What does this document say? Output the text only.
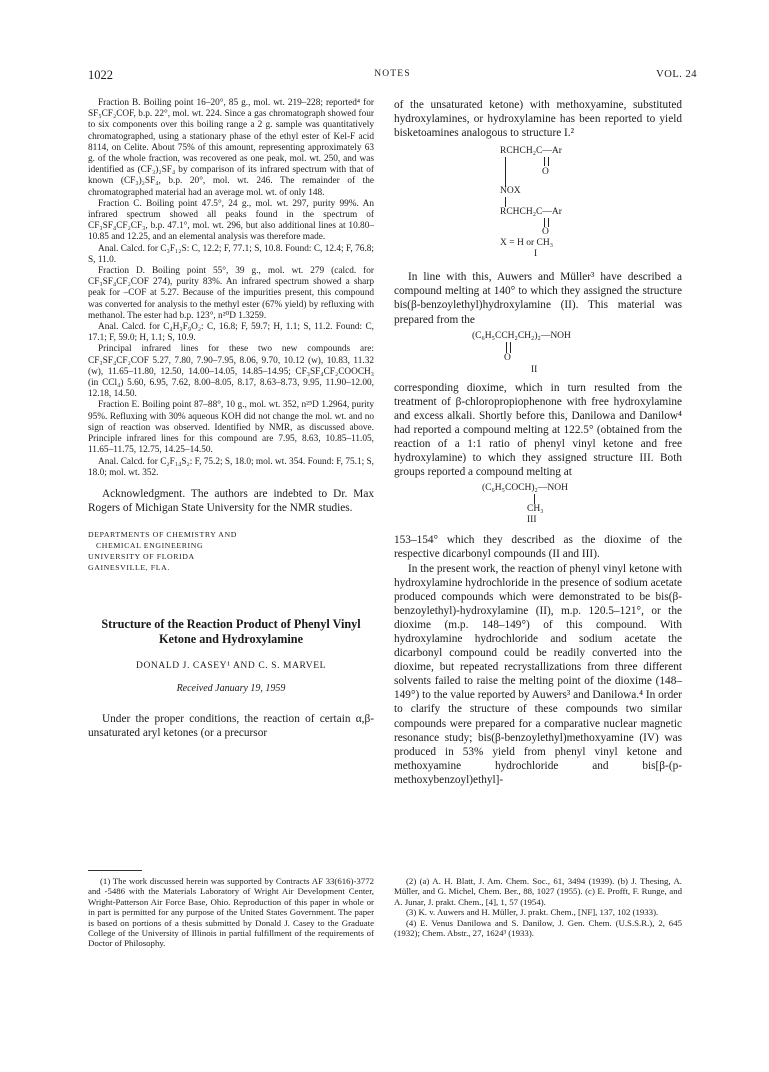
1022	NOTES	VOL. 24

Fraction B. Boiling point 16–20°, 85 g., mol. wt. 219–228; reported⁴ for SF₅CF₂COF, b.p. 22°, mol. wt. 224. Since a gas chromatograph showed four to six components over this boiling range a 2 g. sample was quantitatively chromatographed, using a stationary phase of the ethyl ester of Kel-F acid 8114, on Celite. About 75% of this amount, representing approximately 63 g. of the whole fraction, was recovered as one peak, mol. wt. 250, and was identified as (CF₃)₂SF₄ by comparison of its infrared spectrum with that of known (CF₃)₂SF₄, b.p. 20°, mol. wt. 246. The remainder of the chromatographed material had an average mol. wt. of only 148.

Fraction C. Boiling point 47.5°, 24 g., mol. wt. 297, purity 99%. An infrared spectrum showed all peaks found in the spectrum of CF₃SF₄CF₂CF₃, b.p. 47.1°, mol. wt. 296, but also additional lines at 10.80–10.85 and 12.25, and an elemental analysis was therefore made.

Anal. Calcd. for C₃F₁₂S: C, 12.2; F, 77.1; S, 10.8. Found: C, 12.4; F, 76.8; S, 11.0.

Fraction D. Boiling point 55°, 39 g., mol. wt. 279 (calcd. for CF₃SF₄CF₂COF 274), purity 83%. An infrared spectrum showed a sharp peak for –COF at 5.27. Because of the impurities present, this compound was converted for analysis to the methyl ester (67% yield) by refluxing with methanol. The ester had b.p. 123°, n²⁰D 1.3259.

Anal. Calcd. for C₄H₃F₉O₂: C, 16.8; F, 59.7; H, 1.1; S, 11.2. Found: C, 17.1; F, 59.0; H, 1.1; S, 10.9.

Principal infrared lines for these two new compounds are: CF₃SF₄CF₂COF 5.27, 7.80, 7.90–7.95, 8.06, 9.70, 10.12 (w), 10.83, 11.32 (w), 11.65–11.80, 12.50, 14.00–14.05, 14.85–14.95; CF₃SF₄CF₂COOCH₃ (in CCl₄) 5.60, 6.95, 7.62, 8.00–8.05, 8.17, 8.63–8.73, 9.95, 11.90–12.00, 12.18, 14.50.

Fraction E. Boiling point 87–88°, 10 g., mol. wt. 352, n²⁵D 1.2964, purity 95%. Refluxing with 30% aqueous KOH did not change the mol. wt. and no sign of reaction was observed. Identified by NMR, as discussed above. Principle infrared lines for this compound are 7.95, 8.63, 10.85–11.05, 11.65–11.75, 12.75, 14.25–14.50.

Anal. Calcd. for C₂F₁₄S₂: F, 75.2; S, 18.0; mol. wt. 354. Found: F, 75.1; S, 18.0; mol. wt. 352.

Acknowledgment. The authors are indebted to Dr. Max Rogers of Michigan State University for the NMR studies.

DEPARTMENTS OF CHEMISTRY AND
CHEMICAL ENGINEERING
UNIVERSITY OF FLORIDA
GAINESVILLE, FLA.
Structure of the Reaction Product of Phenyl Vinyl Ketone and Hydroxylamine
DONALD J. CASEY¹ AND C. S. MARVEL
Received January 19, 1959

Under the proper conditions, the reaction of certain α,β-unsaturated aryl ketones (or a precursor

of the unsaturated ketone) with methoxyamine, substituted hydroxylamines, or hydroxylamine has been reported to yield bisketoamines analogous to structure I.²

RCHCH₂C—Ar
O
NOX
RCHCH₂C—Ar
O
X = H or CH₃
I

In line with this, Auwers and Müller³ have described a compound melting at 140° to which they assigned the structure bis(β-benzoylethyl)hydroxylamine (II). This material was prepared from the

(C₆H₅CCH₂CH₂)₂—NOH
O
II

corresponding dioxime, which in turn resulted from the treatment of β-chloropropiophenone with free hydroxylamine and excess alkali. Shortly before this, Danilowa and Danilow⁴ had reported a compound melting at 122.5° (obtained from the reaction of a 1:1 ratio of phenyl vinyl ketone and free hydroxylamine) to which they assigned structure III. Both groups reported a compound melting at

(C₆H₅COCH)₂—NOH
CH₃
III

153–154° which they described as the dioxime of the respective dicarbonyl compounds (II and III).

In the present work, the reaction of phenyl vinyl ketone with hydroxylamine hydrochloride in the presence of sodium acetate produced compounds which were demonstrated to be bis(β-benzoylethyl)-hydroxylamine (II), m.p. 120.5–121°, or the dioxime (m.p. 148–149°) of this compound. With hydroxylamine hydrochloride and sodium acetate the dicarbonyl compound could be readily converted into the dioxime, but repeated recrystallizations from three different solvents failed to raise the melting point of the dioxime (148–149°) to the value reported by Auwers³ and Danilowa.⁴ In order to clarify the structure of these compounds two similar compounds were prepared for a comparative nuclear magnetic resonance study; bis(β-benzoylethyl)methoxyamine (IV) was produced in 53% yield from phenyl vinyl ketone and methoxyamine hydrochloride and bis[β-(p-methoxybenzoyl)ethyl]-

(1) The work discussed herein was supported by Contracts AF 33(616)-3772 and -5486 with the Materials Laboratory of Wright Air Development Center, Wright-Patterson Air Force Base, Ohio. Reproduction of this paper in whole or in part is permitted for any purpose of the United States Government. The paper is based on portions of a thesis submitted by Donald J. Casey to the Graduate College of the University of Illinois in partial fulfillment of the requirements of Doctor of Philosophy.

(2) (a) A. H. Blatt, J. Am. Chem. Soc., 61, 3494 (1939). (b) J. Thesing, A. Müller, and G. Michel, Chem. Ber., 88, 1027 (1955). (c) E. Profft, F. Runge, and A. Junar, J. prakt. Chem., [4], 1, 57 (1954).

(3) K. v. Auwers and H. Müller, J. prakt. Chem., [NF], 137, 102 (1933).

(4) E. Venus Danilowa and S. Danilow, J. Gen. Chem. (U.S.S.R.), 2, 645 (1932); Chem. Abstr., 27, 1624³ (1933).
